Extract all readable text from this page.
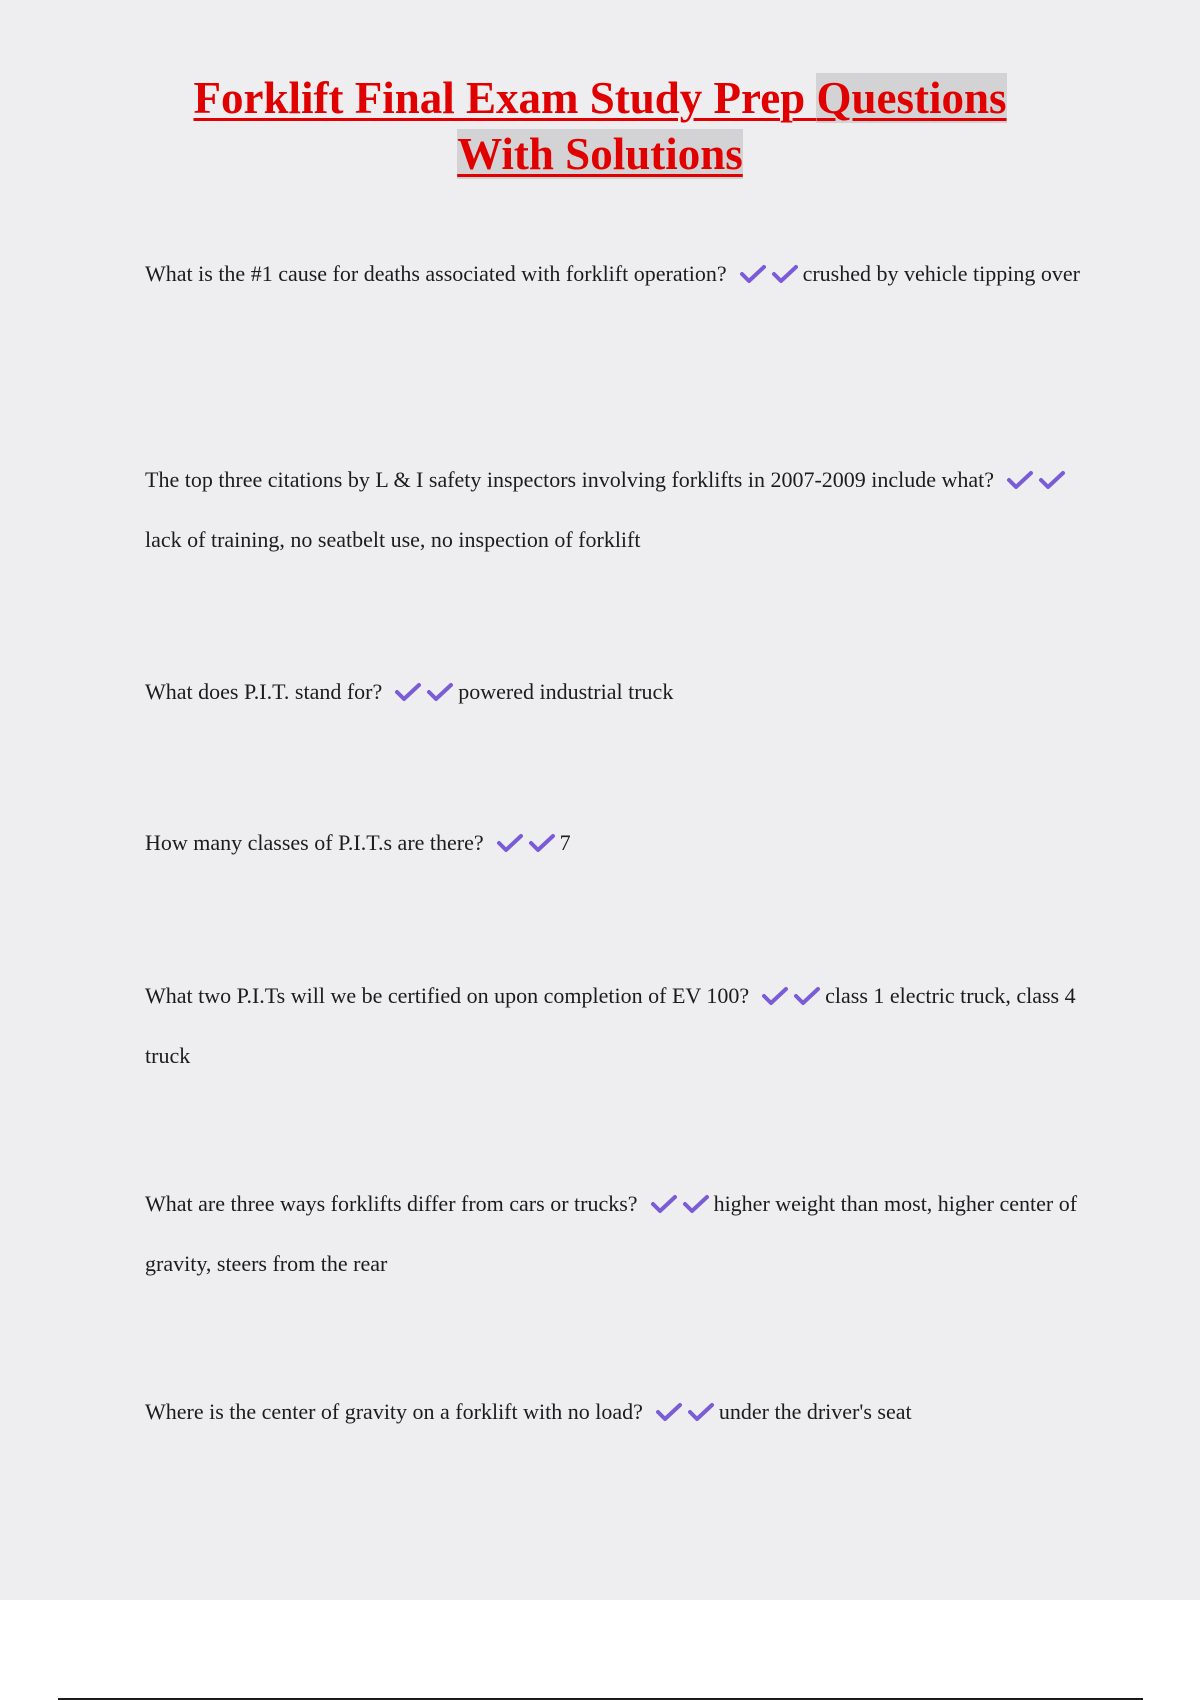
Forklift Final Exam Study Prep Questions
With Solutions

What is the #1 cause for deaths associated with forklift operation?	crushed by vehicle tipping over

The top three citations by L & I safety inspectors involving forklifts in 2007-2009 include what?
lack of training, no seatbelt use, no inspection of forklift

What does P.I.T. stand for?	powered industrial truck

How many classes of P.I.T.s are there?	7

What two P.I.Ts will we be certified on upon completion of EV 100?	class 1 electric truck, class 4 truck

What are three ways forklifts differ from cars or trucks?	higher weight than most, higher center of gravity, steers from the rear

Where is the center of gravity on a forklift with no load?	under the driver's seat
